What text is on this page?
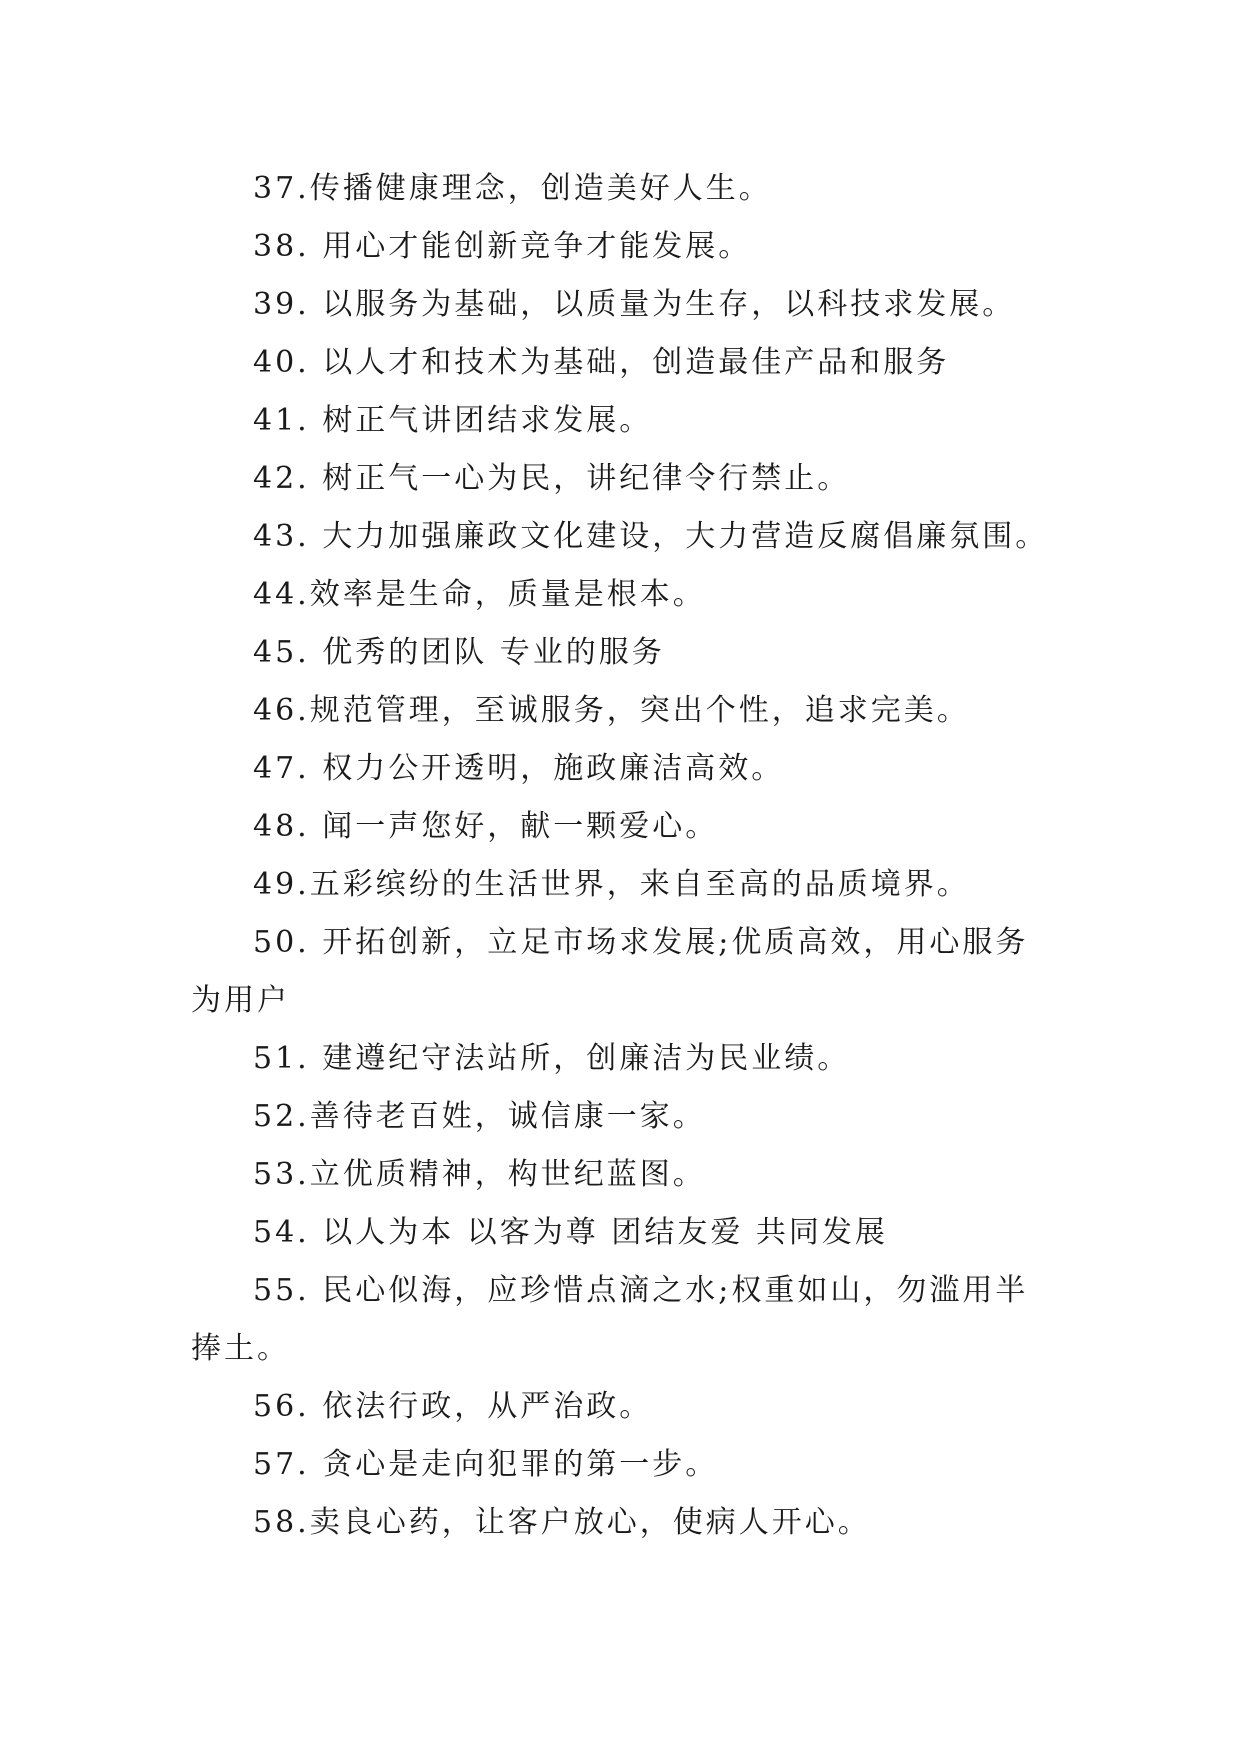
37.传播健康理念，创造美好人生。
38. 用心才能创新竞争才能发展。
39. 以服务为基础，以质量为生存，以科技求发展。
40. 以人才和技术为基础，创造最佳产品和服务
41. 树正气讲团结求发展。
42. 树正气一心为民，讲纪律令行禁止。
43. 大力加强廉政文化建设，大力营造反腐倡廉氛围。
44.效率是生命，质量是根本。
45. 优秀的团队 专业的服务
46.规范管理，至诚服务，突出个性，追求完美。
47. 权力公开透明，施政廉洁高效。
48. 闻一声您好，献一颗爱心。
49.五彩缤纷的生活世界，来自至高的品质境界。
50. 开拓创新，立足市场求发展;优质高效，用心服务
为用户
51. 建遵纪守法站所，创廉洁为民业绩。
52.善待老百姓，诚信康一家。
53.立优质精神，构世纪蓝图。
54. 以人为本 以客为尊 团结友爱 共同发展
55. 民心似海，应珍惜点滴之水;权重如山，勿滥用半
捧土。
56. 依法行政，从严治政。
57. 贪心是走向犯罪的第一步。
58.卖良心药，让客户放心，使病人开心。
